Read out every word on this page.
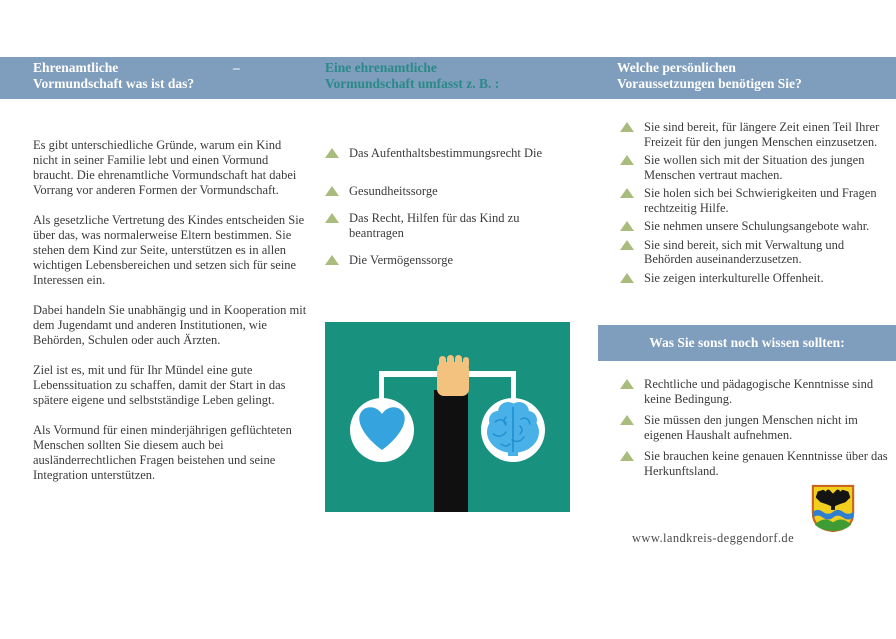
Ehrenamtliche	–
Vormundschaft was ist das?
Eine ehrenamtliche
Vormundschaft umfasst z. B. :
Welche persönlichen
Voraussetzungen benötigen Sie?

Es gibt unterschiedliche Gründe, warum ein Kind nicht in seiner Familie lebt und einen Vormund braucht. Die ehrenamtliche Vormundschaft hat dabei Vorrang vor anderen Formen der Vormundschaft.

Als gesetzliche Vertretung des Kindes entscheiden Sie über das, was normalerweise Eltern bestimmen. Sie stehen dem Kind zur Seite, unterstützen es in allen wichtigen Lebensbereichen und setzen sich für seine Interessen ein.

Dabei handeln Sie unabhängig und in Kooperation mit dem Jugendamt und anderen Institutionen, wie Behörden, Schulen oder auch Ärzten.

Ziel ist es, mit und für Ihr Mündel eine gute Lebenssituation zu schaffen, damit der Start in das spätere eigene und selbstständige Leben gelingt.

Als Vormund für einen minderjährigen geflüchteten Menschen sollten Sie diesem auch bei ausländerrechtlichen Fragen beistehen und seine Integration unterstützen.

Das Aufenthaltsbestimmungsrecht Die
Gesundheitssorge
Das Recht, Hilfen für das Kind zu beantragen
Die Vermögenssorge
Sie sind bereit, für längere Zeit einen Teil Ihrer Freizeit für den jungen Menschen einzusetzen.
Sie wollen sich mit der Situation des jungen Menschen vertraut machen.
Sie holen sich bei Schwierigkeiten und Fragen rechtzeitig Hilfe.
Sie nehmen unsere Schulungsangebote wahr.
Sie sind bereit, sich mit Verwaltung und Behörden auseinanderzusetzen.
Sie zeigen interkulturelle Offenheit.
Was Sie sonst noch wissen sollten:
Rechtliche und pädagogische Kenntnisse sind keine Bedingung.
Sie müssen den jungen Menschen nicht im eigenen Haushalt aufnehmen.
Sie brauchen keine genauen Kenntnisse über das Herkunftsland.
www.landkreis-deggendorf.de
